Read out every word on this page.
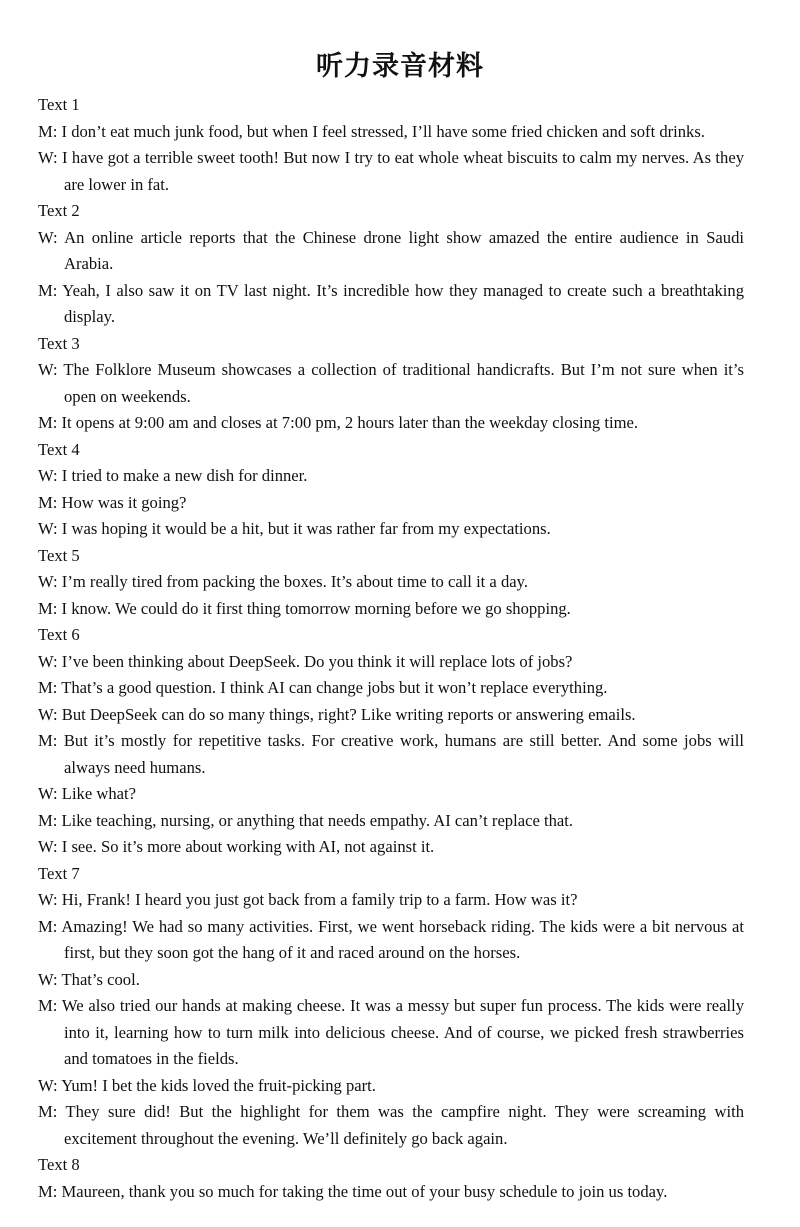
听力录音材料
Text 1
M: I don’t eat much junk food, but when I feel stressed, I’ll have some fried chicken and soft drinks.
W: I have got a terrible sweet tooth! But now I try to eat whole wheat biscuits to calm my nerves. As they are lower in fat.
Text 2
W: An online article reports that the Chinese drone light show amazed the entire audience in Saudi Arabia.
M: Yeah, I also saw it on TV last night. It’s incredible how they managed to create such a breathtaking display.
Text 3
W: The Folklore Museum showcases a collection of traditional handicrafts. But I’m not sure when it’s open on weekends.
M: It opens at 9:00 am and closes at 7:00 pm, 2 hours later than the weekday closing time.
Text 4
W: I tried to make a new dish for dinner.
M: How was it going?
W: I was hoping it would be a hit, but it was rather far from my expectations.
Text 5
W: I’m really tired from packing the boxes. It’s about time to call it a day.
M: I know. We could do it first thing tomorrow morning before we go shopping.
Text 6
W: I’ve been thinking about DeepSeek. Do you think it will replace lots of jobs?
M: That’s a good question. I think AI can change jobs but it won’t replace everything.
W: But DeepSeek can do so many things, right? Like writing reports or answering emails.
M: But it’s mostly for repetitive tasks. For creative work, humans are still better. And some jobs will always need humans.
W: Like what?
M: Like teaching, nursing, or anything that needs empathy. AI can’t replace that.
W: I see. So it’s more about working with AI, not against it.
Text 7
W: Hi, Frank! I heard you just got back from a family trip to a farm. How was it?
M: Amazing! We had so many activities. First, we went horseback riding. The kids were a bit nervous at first, but they soon got the hang of it and raced around on the horses.
W: That’s cool.
M: We also tried our hands at making cheese. It was a messy but super fun process. The kids were really into it, learning how to turn milk into delicious cheese. And of course, we picked fresh strawberries and tomatoes in the fields.
W: Yum! I bet the kids loved the fruit-picking part.
M: They sure did! But the highlight for them was the campfire night. They were screaming with excitement throughout the evening. We’ll definitely go back again.
Text 8
M: Maureen, thank you so much for taking the time out of your busy schedule to join us today.
